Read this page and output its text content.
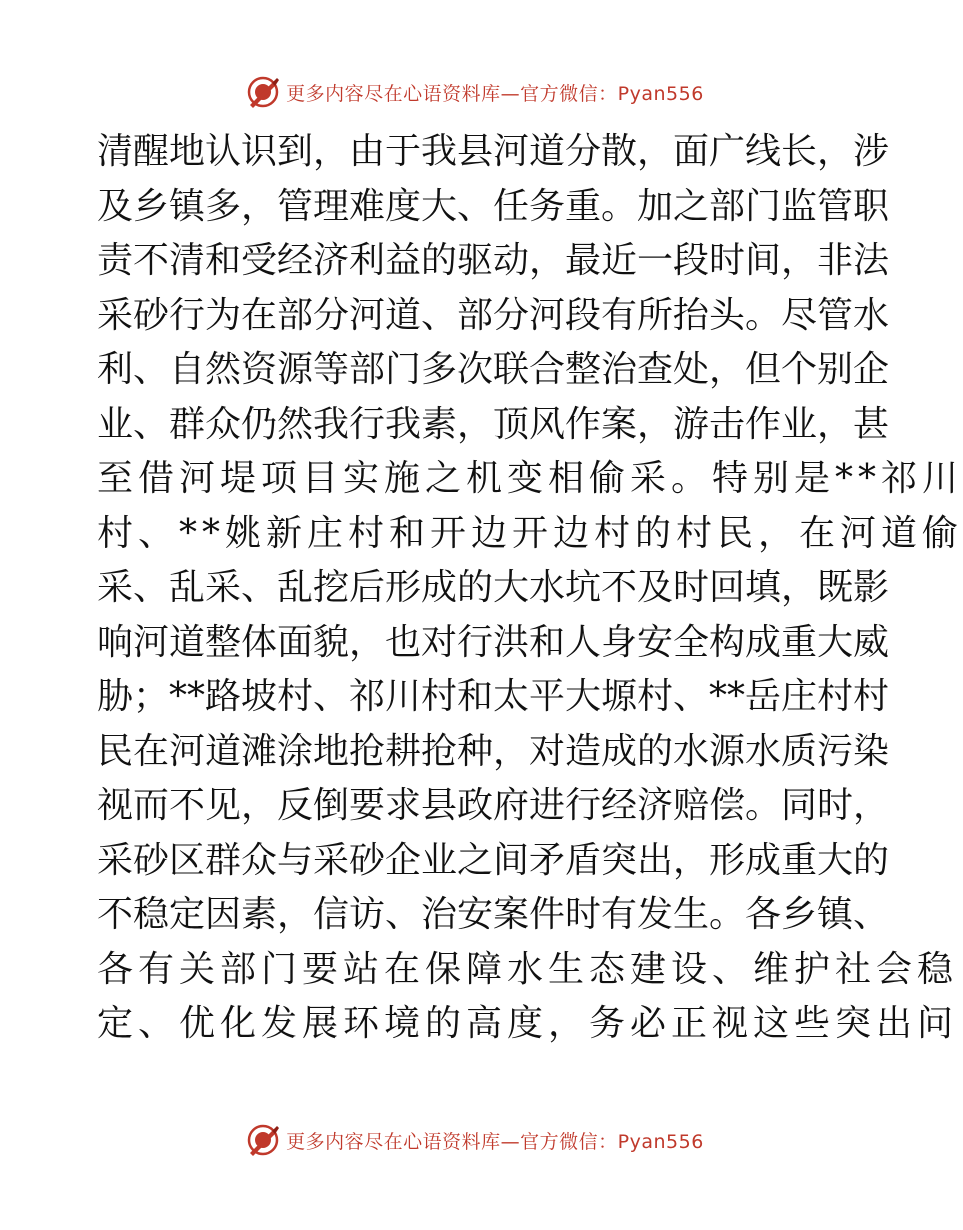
更多内容尽在心语资料库—官方微信：Pyan556
清醒地认识到，由于我县河道分散，面广线长，涉
及乡镇多，管理难度大、任务重。加之部门监管职
责不清和受经济利益的驱动，最近一段时间，非法
采砂行为在部分河道、部分河段有所抬头。尽管水
利、自然资源等部门多次联合整治查处，但个别企
业、群众仍然我行我素，顶风作案，游击作业，甚
至借河堤项目实施之机变相偷采。特别是**祁川
村、**姚新庄村和开边开边村的村民，在河道偷
采、乱采、乱挖后形成的大水坑不及时回填，既影
响河道整体面貌，也对行洪和人身安全构成重大威
胁；**路坡村、祁川村和太平大塬村、**岳庄村村
民在河道滩涂地抢耕抢种，对造成的水源水质污染
视而不见，反倒要求县政府进行经济赔偿。同时，
采砂区群众与采砂企业之间矛盾突出，形成重大的
不稳定因素，信访、治安案件时有发生。各乡镇、
各有关部门要站在保障水生态建设、维护社会稳
定、优化发展环境的高度，务必正视这些突出问
更多内容尽在心语资料库—官方微信：Pyan556
